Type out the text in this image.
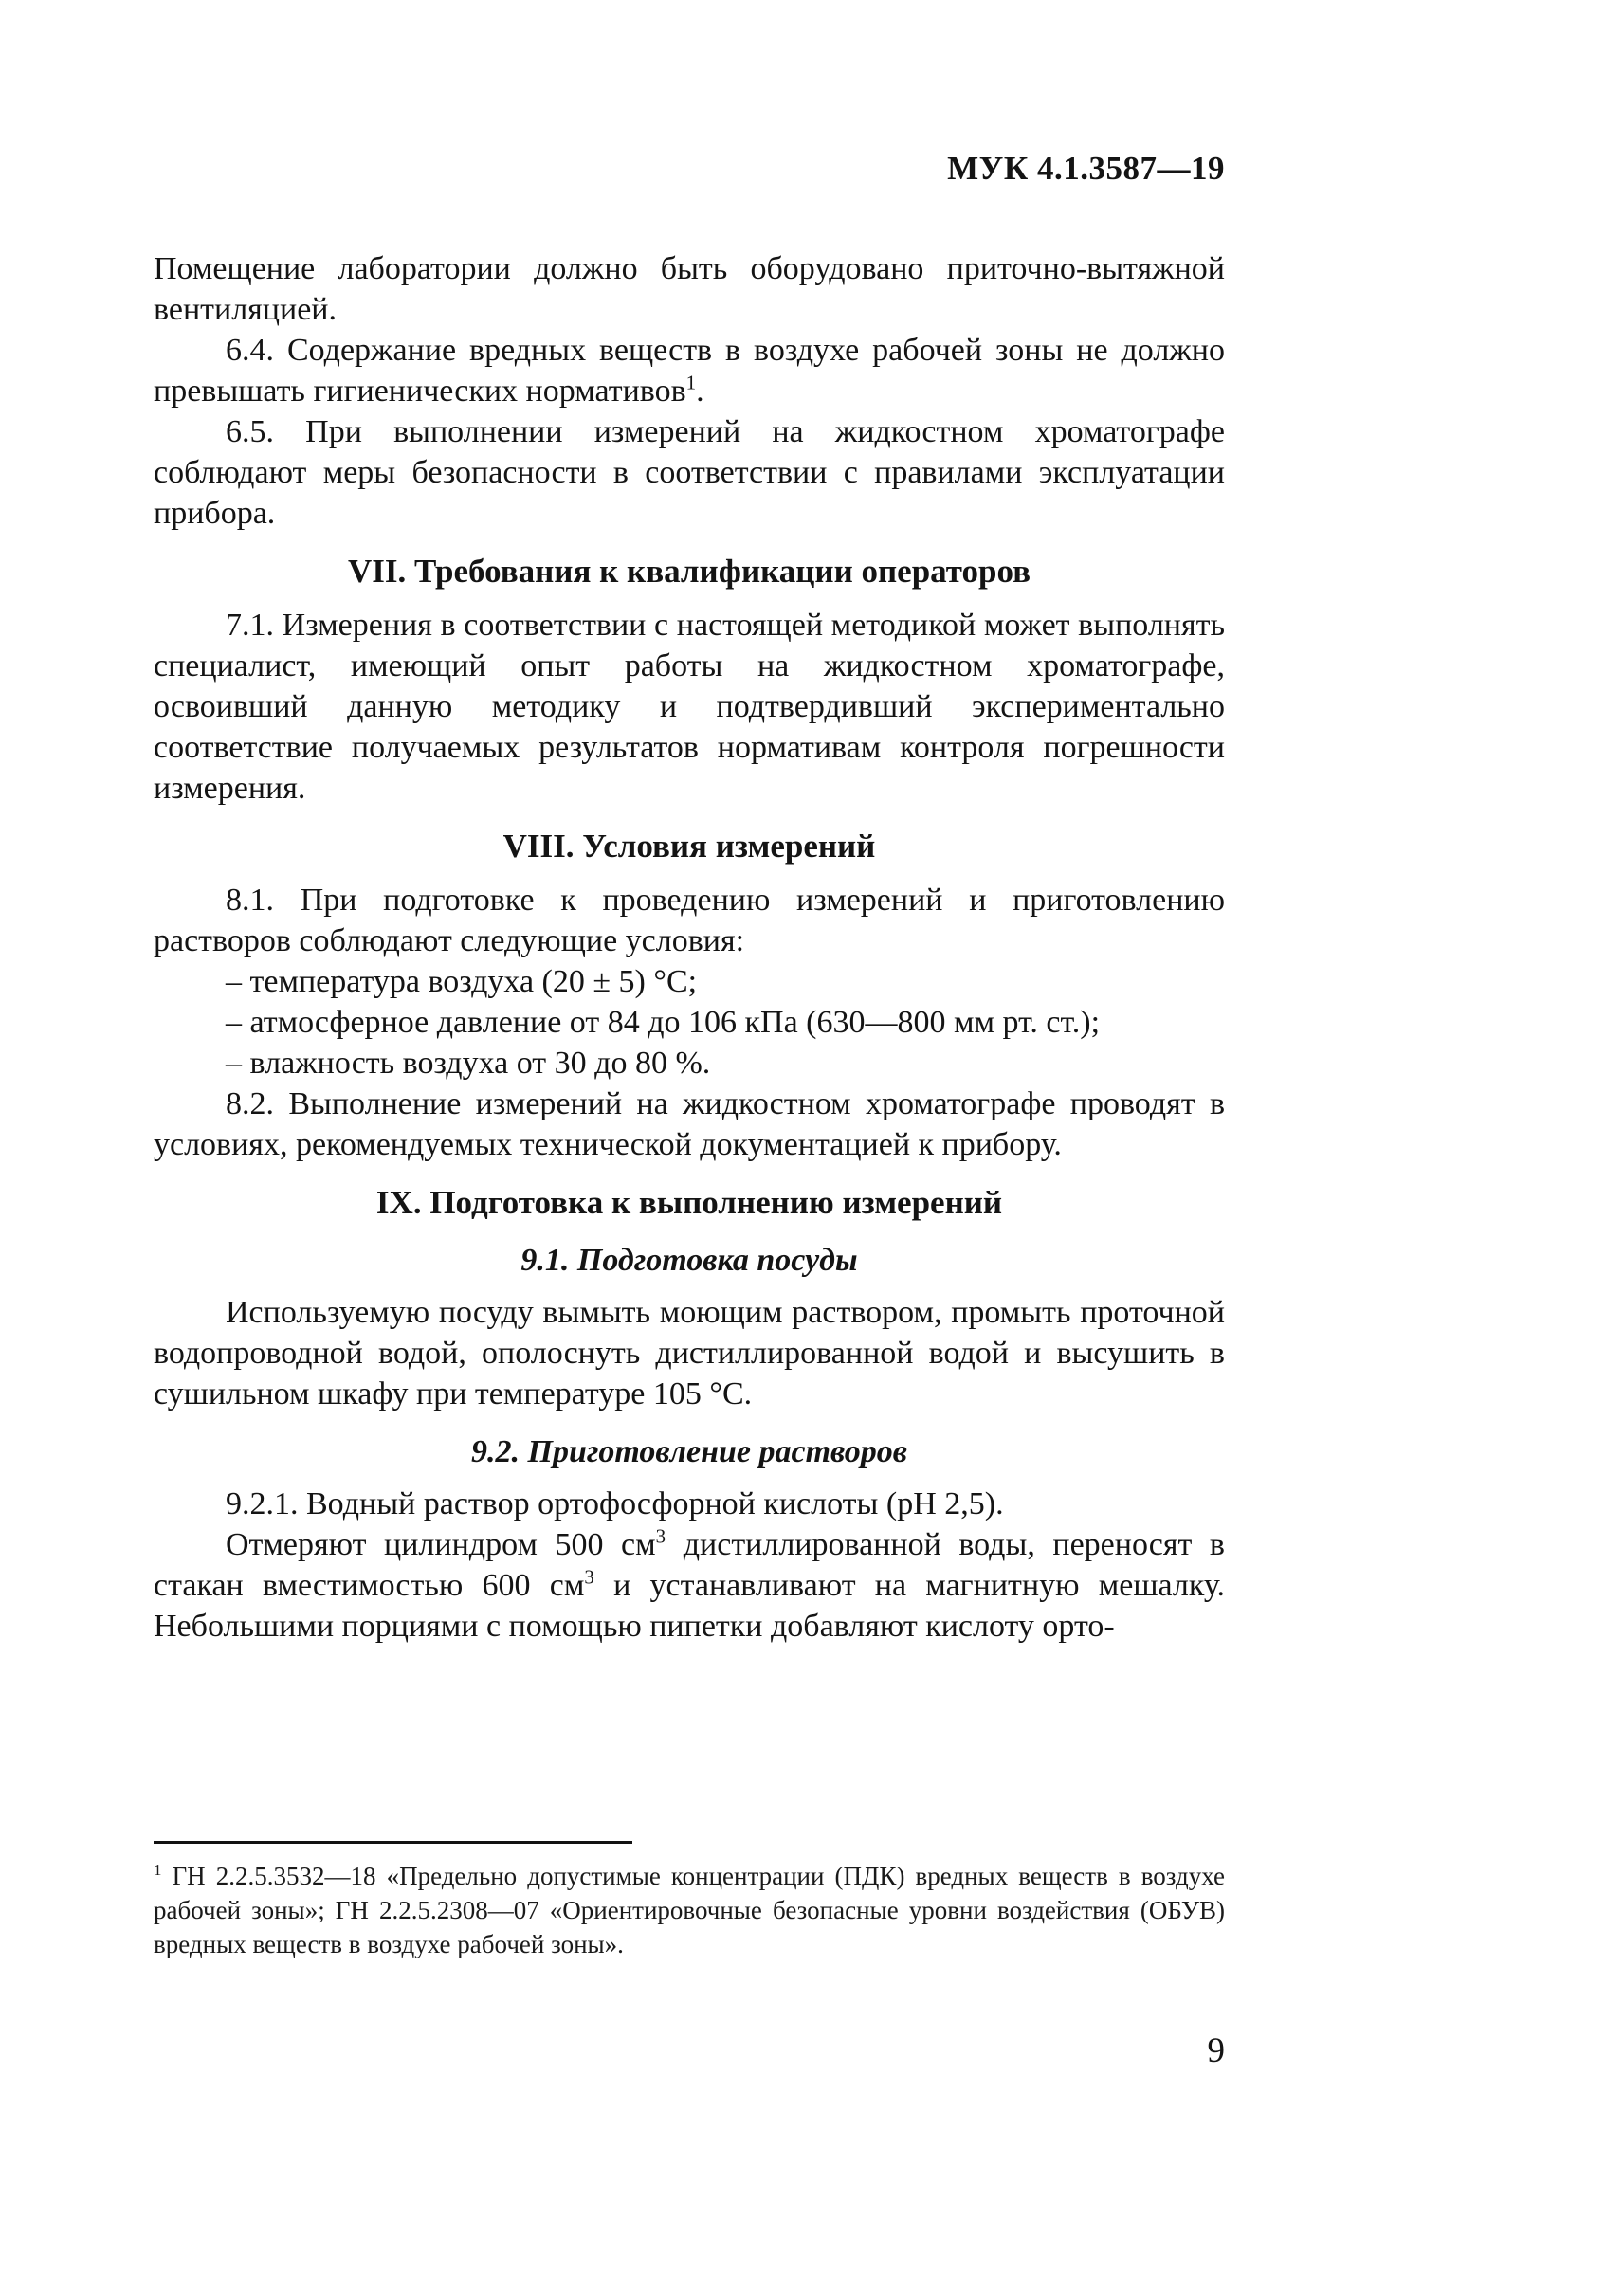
МУК 4.1.3587—19

Помещение лаборатории должно быть оборудовано приточно-вытяжной вентиляцией.

6.4. Содержание вредных веществ в воздухе рабочей зоны не должно превышать гигиенических нормативов$^1$.

6.5. При выполнении измерений на жидкостном хроматографе соблюдают меры безопасности в соответствии с правилами эксплуатации прибора.

VII. Требования к квалификации операторов

7.1. Измерения в соответствии с настоящей методикой может выполнять специалист, имеющий опыт работы на жидкостном хроматографе, освоивший данную методику и подтвердивший экспериментально соответствие получаемых результатов нормативам контроля погрешности измерения.

VIII. Условия измерений

8.1. При подготовке к проведению измерений и приготовлению растворов соблюдают следующие условия:

– температура воздуха (20 ± 5) °С;

– атмосферное давление от 84 до 106 кПа (630—800 мм рт. ст.);

– влажность воздуха от 30 до 80 %.

8.2. Выполнение измерений на жидкостном хроматографе проводят в условиях, рекомендуемых технической документацией к прибору.

IX. Подготовка к выполнению измерений
9.1. Подготовка посуды

Используемую посуду вымыть моющим раствором, промыть проточной водопроводной водой, ополоснуть дистиллированной водой и высушить в сушильном шкафу при температуре 105 °С.

9.2. Приготовление растворов

9.2.1. Водный раствор ортофосфорной кислоты (pH 2,5).

Отмеряют цилиндром 500 $см^3$ дистиллированной воды, переносят в стакан вместимостью 600 $см^3$ и устанавливают на магнитную мешалку. Небольшими порциями с помощью пипетки добавляют кислоту орто-

$^1$ ГН 2.2.5.3532—18 «Предельно допустимые концентрации (ПДК) вредных веществ в воздухе рабочей зоны»; ГН 2.2.5.2308—07 «Ориентировочные безопасные уровни воздействия (ОБУВ) вредных веществ в воздухе рабочей зоны».
9
